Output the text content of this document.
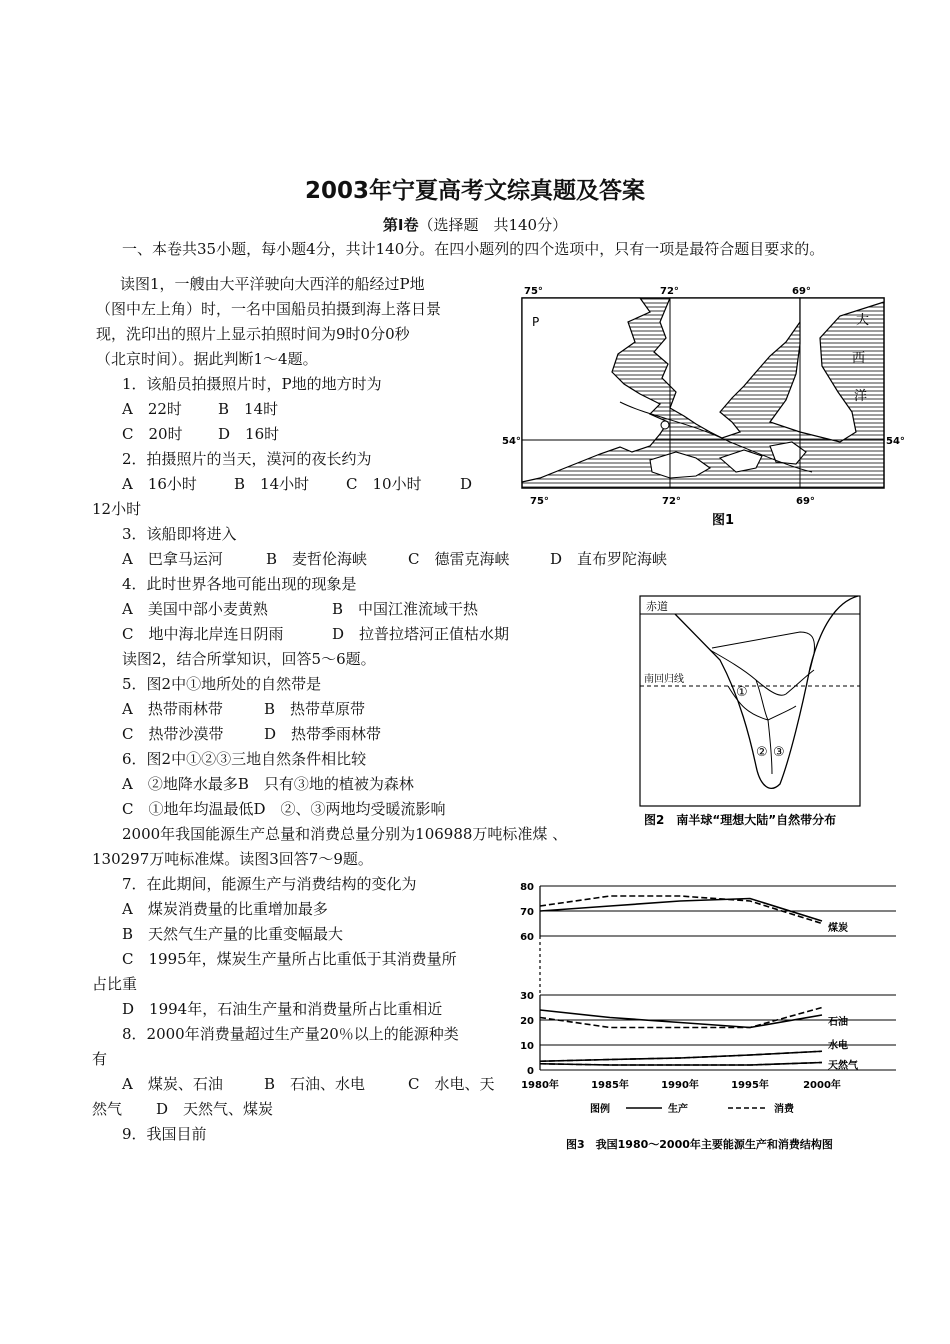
2003年宁夏高考文综真题及答案
第Ⅰ卷（选择题　共140分）
一、本卷共35小题，每小题4分，共计140分。在四小题列的四个选项中，只有一项是最符合题目要求的。
读图1，一艘由大平洋驶向大西洋的船经过P地
（图中左上角）时，一名中国船员拍摄到海上落日景
现，洗印出的照片上显示拍照时间为9时0分0秒
（北京时间）。据此判断1～4题。
1．该船员拍摄照片时，P地的地方时为
A　22时 B　14时
C　20时 D　16时
2．拍摄照片的当天，漠河的夜长约为
A　16小时 B　14小时 C　10小时	D
12小时
3．该船即将进入
A　巴拿马运河	B　麦哲伦海峡	C　德雷克海峡	D　直布罗陀海峡
4．此时世界各地可能出现的现象是
A　美国中部小麦黄熟	B　中国江淮流域干热
C　地中海北岸连日阴雨	D　拉普拉塔河正值枯水期
读图2，结合所掌知识，回答5～6题。
5．图2中①地所处的自然带是
A　热带雨林带	B　热带草原带
C　热带沙漠带	D　热带季雨林带
6．图2中①②③三地自然条件相比较
A　②地降水最多B　只有③地的植被为森林
C　①地年均温最低D　②、③两地均受暖流影响
2000年我国能源生产总量和消费总量分别为106988万吨标准煤 、
130297万吨标准煤。读图3回答7～9题。
7．在此期间，能源生产与消费结构的变化为
A　煤炭消费量的比重增加最多
B　天然气生产量的比重变幅最大
C　1995年，煤炭生产量所占比重低于其消费量所
占比重
D　1994年，石油生产量和消费量所占比重相近
8．2000年消费量超过生产量20％以上的能源种类
有
A　煤炭、石油	B　石油、水电	C　水电、天
然气 D　天然气、煤炭
9．我国目前
75°	72°	69°
75°	72°	69°
54°	54°
P	大
西
洋
图1
赤道
南回归线
①
② ③
图2　南半球“理想大陆”自然带分布
80
70
60
30
20
10
0
1980年	1985年	1990年	1995年	2000年
煤炭
石油
水电
天然气
图例	生产	消费
图3　我国1980～2000年主要能源生产和消费结构图
